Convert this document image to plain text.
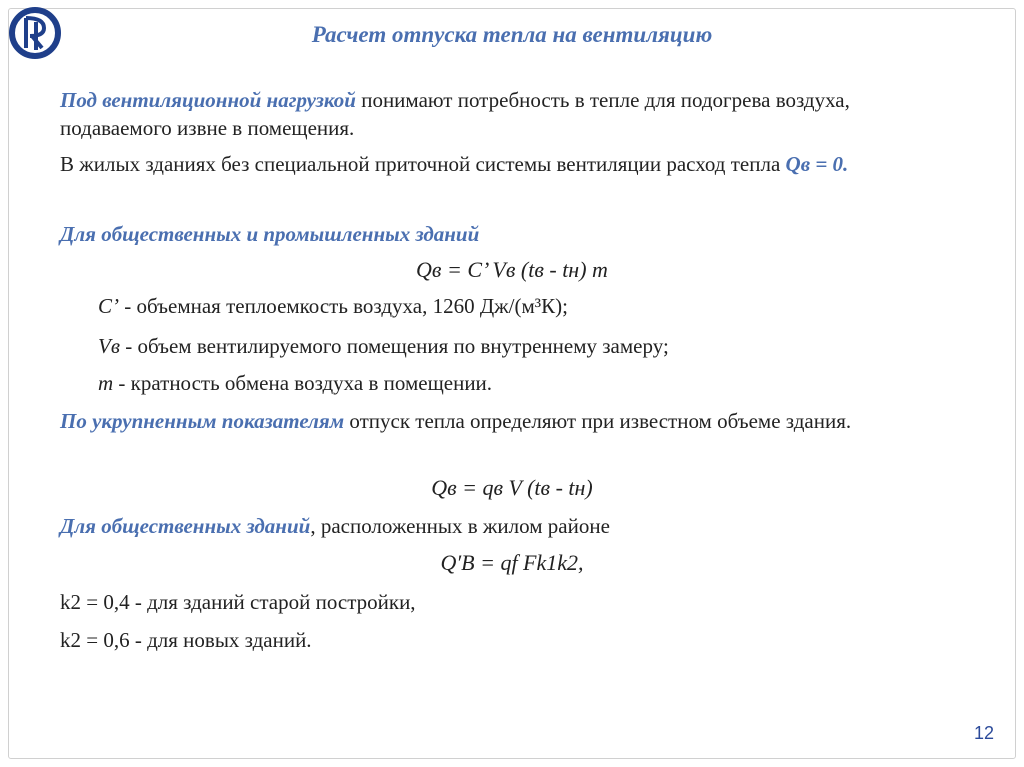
Расчет отпуска тепла на вентиляцию
Под вентиляционной нагрузкой понимают потребность в тепле для подогрева воздуха, подаваемого извне в помещения.
В жилых зданиях без специальной приточной системы вентиляции расход тепла Qв = 0.
Для общественных и промышленных зданий
Qв = C’ Vв (tв - tн) m
C’ - объемная теплоемкость воздуха, 1260 Дж/(м³К);
Vв - объем вентилируемого помещения по внутреннему замеру;
m - кратность обмена воздуха в помещении.
По укрупненным показателям отпуск тепла определяют при известном объеме здания.
Qв = qв V (tв - tн)
Для общественных зданий, расположенных в жилом районе
Q′B = qf Fk1k2,
k2 = 0,4 - для зданий старой постройки,
k2 = 0,6 - для новых зданий.
12
